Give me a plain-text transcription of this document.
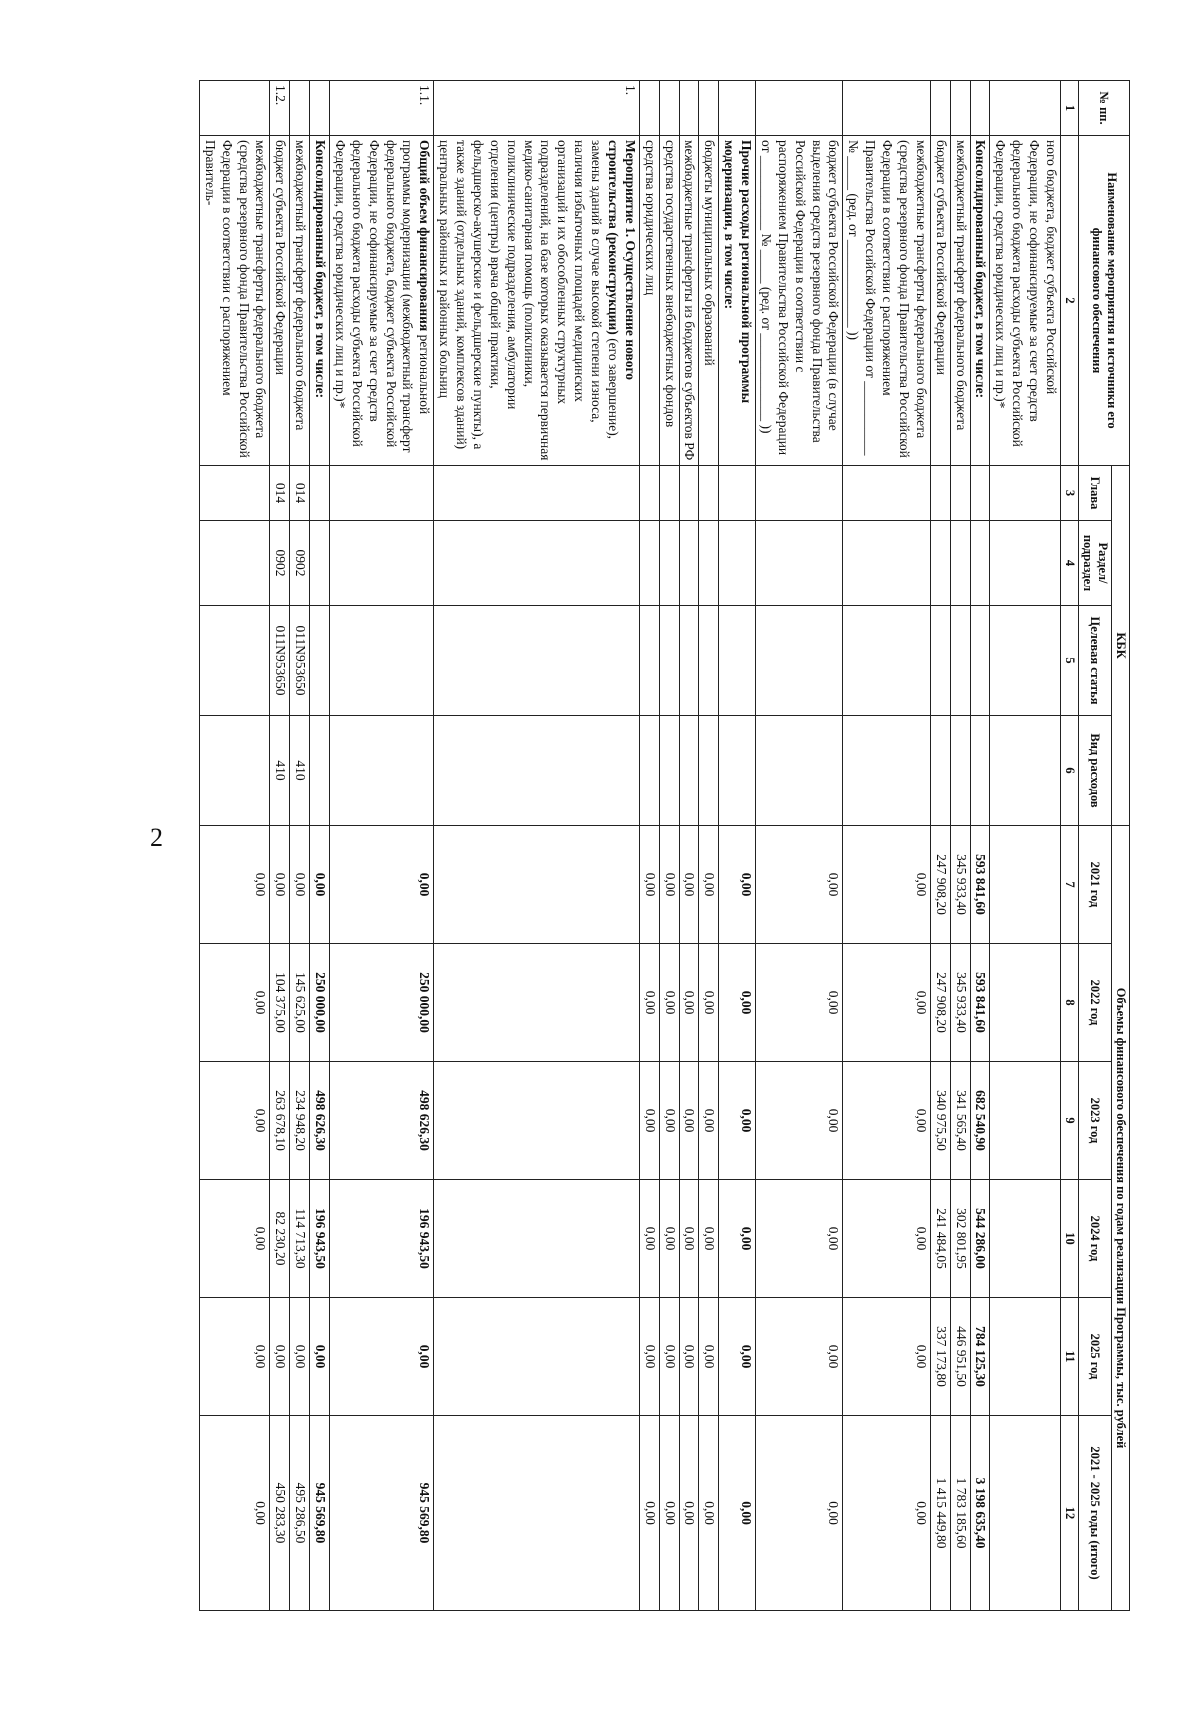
2
№ пп.	Наименование мероприятия и источники его финансового обеспечения	КБК				Объемы финансового обеспечения по годам реализации Программы, тыс. рублей					
		Глава	Раздел/ подраздел	Целевая статья	Вид расходов	2021 год	2022 год	2023 год	2024 год	2025 год	2021 - 2025 годы (итого)

1	2	3	4	5	6	7	8	9	10	11	12
	ного бюджета, бюджет субъекта Российской Федерации, не софинансируемые за счет средств федерального бюджета расходы субъекта Российской Федерации, средства юридических лиц и пр.)*										
	Консолидированный бюджет, в том числе:					593 841,60	593 841,60	682 540,90	544 286,00	784 125,30	3 198 635,40
	межбюджетный трансферт федерального бюджета					345 933,40	345 933,40	341 565,40	302 801,95	446 951,50	1 783 185,60
	бюджет субъекта Российской Федерации					247 908,20	247 908,20	340 975,50	241 484,05	337 173,80	1 415 449,80
	межбюджетные трансферты федерального бюджета (средства резервного фонда Правительства Российской Федерации в соответствии с распоряжением Правительства Российской Федерации от ___________ № _____ (ред. от _____________ ))					0,00	0,00	0,00	0,00	0,00	0,00
	бюджет субъекта Российской Федерации (в случае выделения средств резервного фонда Правительства Российской Федерации в соответствии с распоряжением Правительства Российской Федерации от ___________ № _____ (ред. от _____________ ))					0,00	0,00	0,00	0,00	0,00	0,00
	Прочие расходы региональной программы модернизации, в том числе:					0,00	0,00	0,00	0,00	0,00	0,00
	бюджеты муниципальных образований					0,00	0,00	0,00	0,00	0,00	0,00
	межбюджетные трансферты из бюджетов субъектов РФ					0,00	0,00	0,00	0,00	0,00	0,00
	средства государственных внебюджетных фондов					0,00	0,00	0,00	0,00	0,00	0,00
	средства юридических лиц					0,00	0,00	0,00	0,00	0,00	0,00
1.	Мероприятие 1. Осуществление нового строительства (реконструкции) (его завершение), замены зданий в случае высокой степени износа, наличия избыточных площадей медицинских организаций и их обособленных структурных подразделений, на базе которых оказывается первичная медико-санитарная помощь (поликлиники, поликлинические подразделения, амбулатории отделения (центры) врача общей практики, фельдшерско-акушерские и фельдшерские пункты), а также зданий (отдельных зданий, комплексов зданий) центральных районных и районных больниц										
1.1.	Общий объем финансирования региональной программы модернизации (межбюджетный трансферт федерального бюджета, бюджет субъекта Российской Федерации, не софинансируемые за счет средств федерального бюджета расходы субъекта Российской Федерации, средства юридических лиц и пр.)*					0,00	250 000,00	498 626,30	196 943,50	0,00	945 569,80
	Консолидированный бюджет, в том числе:					0,00	250 000,00	498 626,30	196 943,50	0,00	945 569,80
	межбюджетный трансферт федерального бюджета	014	0902	011N953650	410	0,00	145 625,00	234 948,20	114 713,30	0,00	495 286,50
1.2.	бюджет субъекта Российской Федерации	014	0902	011N953650	410	0,00	104 375,00	263 678,10	82 230,20	0,00	450 283,30
	межбюджетные трансферты федерального бюджета (средства резервного фонда Правительства Российской Федерации в соответствии с распоряжением Правитель-					0,00	0,00	0,00	0,00	0,00	0,00
